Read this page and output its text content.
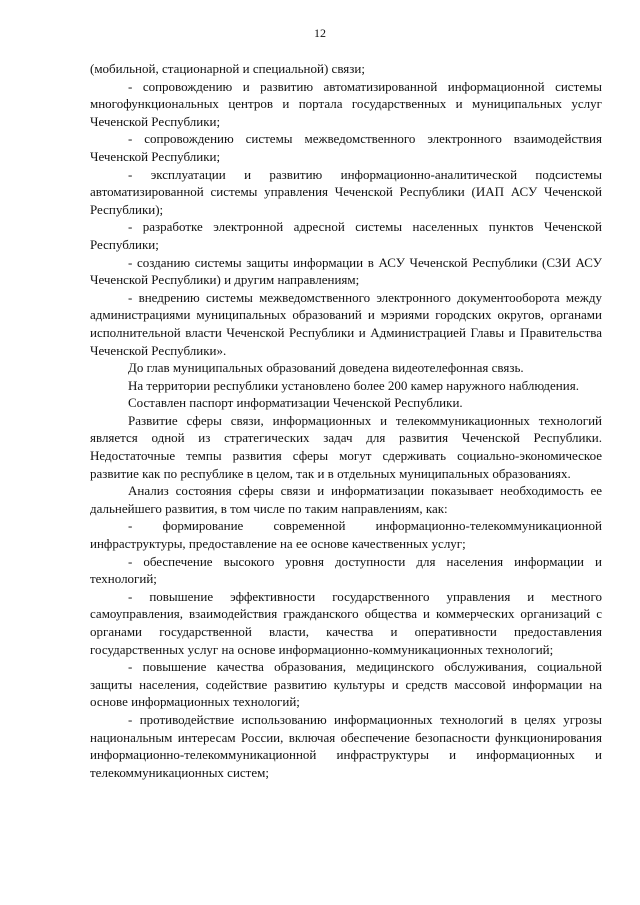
12

(мобильной, стационарной и специальной) связи;

- сопровождению и развитию автоматизированной информационной системы многофункциональных центров и портала государственных и муниципальных услуг Чеченской Республики;

- сопровождению системы межведомственного электронного взаимодействия Чеченской Республики;

- эксплуатации и развитию информационно-аналитической подсистемы автоматизированной системы управления Чеченской Республики (ИАП АСУ Чеченской Республики);

- разработке электронной адресной системы населенных пунктов Чеченской Республики;

- созданию системы защиты информации в АСУ Чеченской Республики (СЗИ АСУ Чеченской Республики) и другим направлениям;

- внедрению системы межведомственного электронного документооборота между администрациями муниципальных образований и мэриями городских округов, органами исполнительной власти Чеченской Республики и Администрацией Главы и Правительства Чеченской Республики».

До глав муниципальных образований доведена видеотелефонная связь.

На территории республики установлено более 200 камер наружного наблюдения.

Составлен паспорт информатизации Чеченской Республики.

Развитие сферы связи, информационных и телекоммуникационных технологий является одной из стратегических задач для развития Чеченской Республики. Недостаточные темпы развития сферы могут сдерживать социально-экономическое развитие как по республике в целом, так и в отдельных муниципальных образованиях.

Анализ состояния сферы связи и информатизации показывает необходимость ее дальнейшего развития, в том числе по таким направлениям, как:

- формирование современной информационно-телекоммуникационной инфраструктуры, предоставление на ее основе качественных услуг;

- обеспечение высокого уровня доступности для населения информации и технологий;

- повышение эффективности государственного управления и местного самоуправления, взаимодействия гражданского общества и коммерческих организаций с органами государственной власти, качества и оперативности предоставления государственных услуг на основе информационно-коммуникационных технологий;

- повышение качества образования, медицинского обслуживания, социальной защиты населения, содействие развитию культуры и средств массовой информации на основе информационных технологий;

- противодействие использованию информационных технологий в целях угрозы национальным интересам России, включая обеспечение безопасности функционирования информационно-телекоммуникационной инфраструктуры и информационных и телекоммуникационных систем;
